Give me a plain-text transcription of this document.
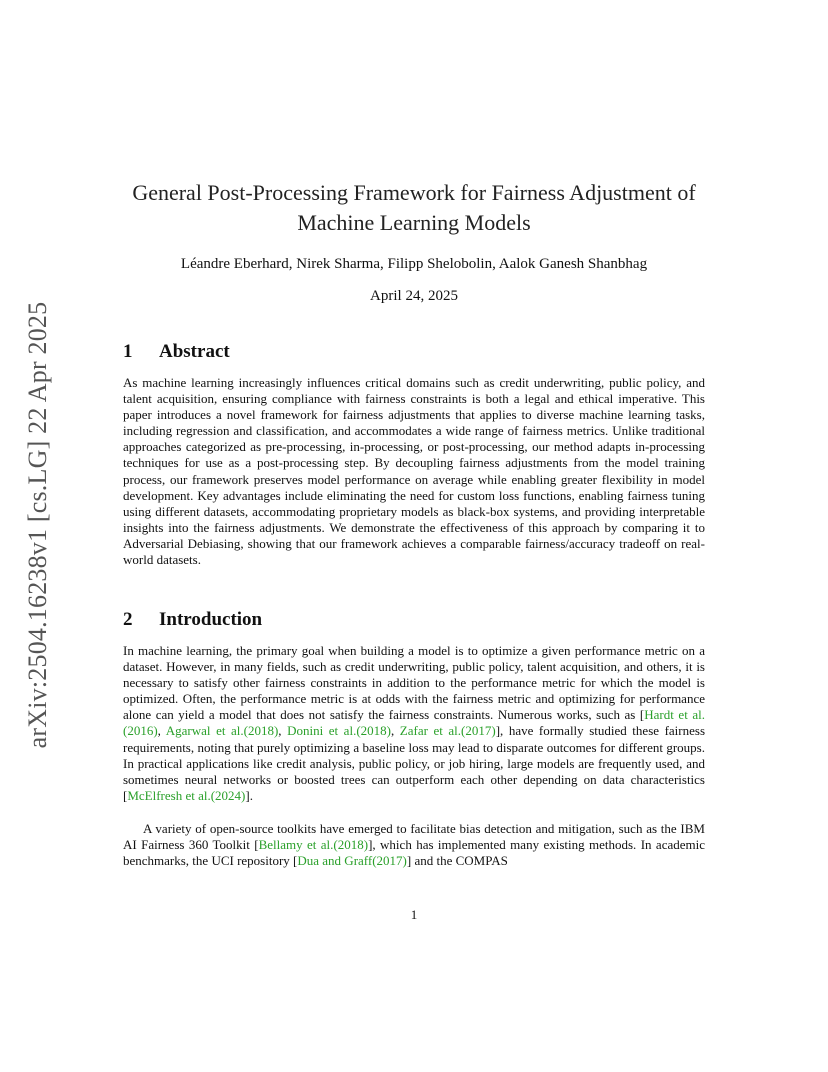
arXiv:2504.16238v1 [cs.LG] 22 Apr 2025
General Post-Processing Framework for Fairness Adjustment of Machine Learning Models
Léandre Eberhard, Nirek Sharma, Filipp Shelobolin, Aalok Ganesh Shanbhag
April 24, 2025
1 Abstract

As machine learning increasingly influences critical domains such as credit underwriting, public policy, and talent acquisition, ensuring compliance with fairness constraints is both a legal and ethical imperative. This paper introduces a novel framework for fairness adjustments that applies to diverse machine learning tasks, including regression and classification, and accommodates a wide range of fairness metrics. Unlike traditional approaches categorized as pre-processing, in-processing, or post-processing, our method adapts in-processing techniques for use as a post-processing step. By decoupling fairness adjustments from the model training process, our framework preserves model performance on average while enabling greater flexibility in model development. Key advantages include eliminating the need for custom loss functions, enabling fairness tuning using different datasets, accommodating proprietary models as black-box systems, and providing interpretable insights into the fairness adjustments. We demonstrate the effectiveness of this approach by comparing it to Adversarial Debiasing, showing that our framework achieves a comparable fairness/accuracy tradeoff on real-world datasets.

2 Introduction

In machine learning, the primary goal when building a model is to optimize a given performance metric on a dataset. However, in many fields, such as credit underwriting, public policy, talent acquisition, and others, it is necessary to satisfy other fairness constraints in addition to the performance metric for which the model is optimized. Often, the performance metric is at odds with the fairness metric and optimizing for performance alone can yield a model that does not satisfy the fairness constraints. Numerous works, such as [Hardt et al.(2016), Agarwal et al.(2018), Donini et al.(2018), Zafar et al.(2017)], have formally studied these fairness requirements, noting that purely optimizing a baseline loss may lead to disparate outcomes for different groups. In practical applications like credit analysis, public policy, or job hiring, large models are frequently used, and sometimes neural networks or boosted trees can outperform each other depending on data characteristics [McElfresh et al.(2024)].

A variety of open-source toolkits have emerged to facilitate bias detection and mitigation, such as the IBM AI Fairness 360 Toolkit [Bellamy et al.(2018)], which has implemented many existing methods. In academic benchmarks, the UCI repository [Dua and Graff(2017)] and the COMPAS

1
